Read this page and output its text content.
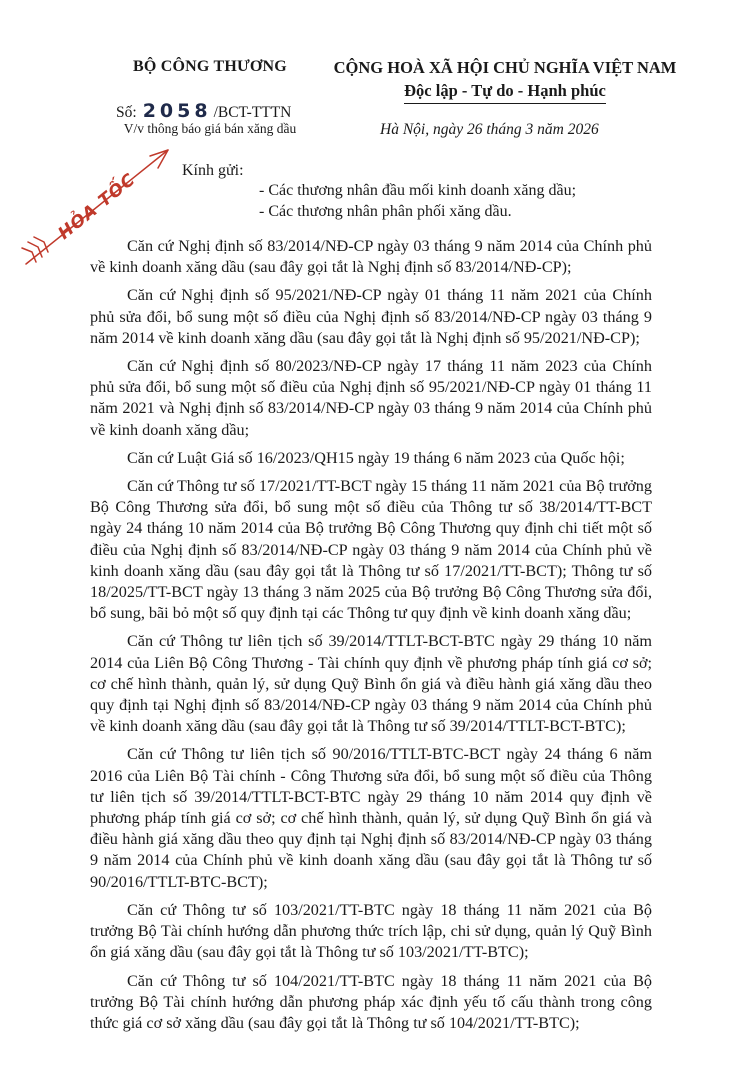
BỘ CÔNG THƯƠNG	CỘNG HOÀ XÃ HỘI CHỦ NGHĨA VIỆT NAM
Độc lập - Tự do - Hạnh phúc
Số: 2058 /BCT-TTTN
V/v thông báo giá bán xăng dầu	Hà Nội, ngày 26 tháng 3 năm 2026
HỎA TỐC	Kính gửi:
- Các thương nhân đầu mối kinh doanh xăng dầu;
- Các thương nhân phân phối xăng dầu.

Căn cứ Nghị định số 83/2014/NĐ-CP ngày 03 tháng 9 năm 2014 của Chính phủ về kinh doanh xăng dầu (sau đây gọi tắt là Nghị định số 83/2014/NĐ-CP);

Căn cứ Nghị định số 95/2021/NĐ-CP ngày 01 tháng 11 năm 2021 của Chính phủ sửa đổi, bổ sung một số điều của Nghị định số 83/2014/NĐ-CP ngày 03 tháng 9 năm 2014 về kinh doanh xăng dầu (sau đây gọi tắt là Nghị định số 95/2021/NĐ-CP);

Căn cứ Nghị định số 80/2023/NĐ-CP ngày 17 tháng 11 năm 2023 của Chính phủ sửa đổi, bổ sung một số điều của Nghị định số 95/2021/NĐ-CP ngày 01 tháng 11 năm 2021 và Nghị định số 83/2014/NĐ-CP ngày 03 tháng 9 năm 2014 của Chính phủ về kinh doanh xăng dầu;

Căn cứ Luật Giá số 16/2023/QH15 ngày 19 tháng 6 năm 2023 của Quốc hội;

Căn cứ Thông tư số 17/2021/TT-BCT ngày 15 tháng 11 năm 2021 của Bộ trưởng Bộ Công Thương sửa đổi, bổ sung một số điều của Thông tư số 38/2014/TT-BCT ngày 24 tháng 10 năm 2014 của Bộ trưởng Bộ Công Thương quy định chi tiết một số điều của Nghị định số 83/2014/NĐ-CP ngày 03 tháng 9 năm 2014 của Chính phủ về kinh doanh xăng dầu (sau đây gọi tắt là Thông tư số 17/2021/TT-BCT); Thông tư số 18/2025/TT-BCT ngày 13 tháng 3 năm 2025 của Bộ trưởng Bộ Công Thương sửa đổi, bổ sung, bãi bỏ một số quy định tại các Thông tư quy định về kinh doanh xăng dầu;

Căn cứ Thông tư liên tịch số 39/2014/TTLT-BCT-BTC ngày 29 tháng 10 năm 2014 của Liên Bộ Công Thương - Tài chính quy định về phương pháp tính giá cơ sở; cơ chế hình thành, quản lý, sử dụng Quỹ Bình ổn giá và điều hành giá xăng dầu theo quy định tại Nghị định số 83/2014/NĐ-CP ngày 03 tháng 9 năm 2014 của Chính phủ về kinh doanh xăng dầu (sau đây gọi tắt là Thông tư số 39/2014/TTLT-BCT-BTC);

Căn cứ Thông tư liên tịch số 90/2016/TTLT-BTC-BCT ngày 24 tháng 6 năm 2016 của Liên Bộ Tài chính - Công Thương sửa đổi, bổ sung một số điều của Thông tư liên tịch số 39/2014/TTLT-BCT-BTC ngày 29 tháng 10 năm 2014 quy định về phương pháp tính giá cơ sở; cơ chế hình thành, quản lý, sử dụng Quỹ Bình ổn giá và điều hành giá xăng dầu theo quy định tại Nghị định số 83/2014/NĐ-CP ngày 03 tháng 9 năm 2014 của Chính phủ về kinh doanh xăng dầu (sau đây gọi tắt là Thông tư số 90/2016/TTLT-BTC-BCT);

Căn cứ Thông tư số 103/2021/TT-BTC ngày 18 tháng 11 năm 2021 của Bộ trưởng Bộ Tài chính hướng dẫn phương thức trích lập, chi sử dụng, quản lý Quỹ Bình ổn giá xăng dầu (sau đây gọi tắt là Thông tư số 103/2021/TT-BTC);

Căn cứ Thông tư số 104/2021/TT-BTC ngày 18 tháng 11 năm 2021 của Bộ trưởng Bộ Tài chính hướng dẫn phương pháp xác định yếu tố cấu thành trong công thức giá cơ sở xăng dầu (sau đây gọi tắt là Thông tư số 104/2021/TT-BTC);
